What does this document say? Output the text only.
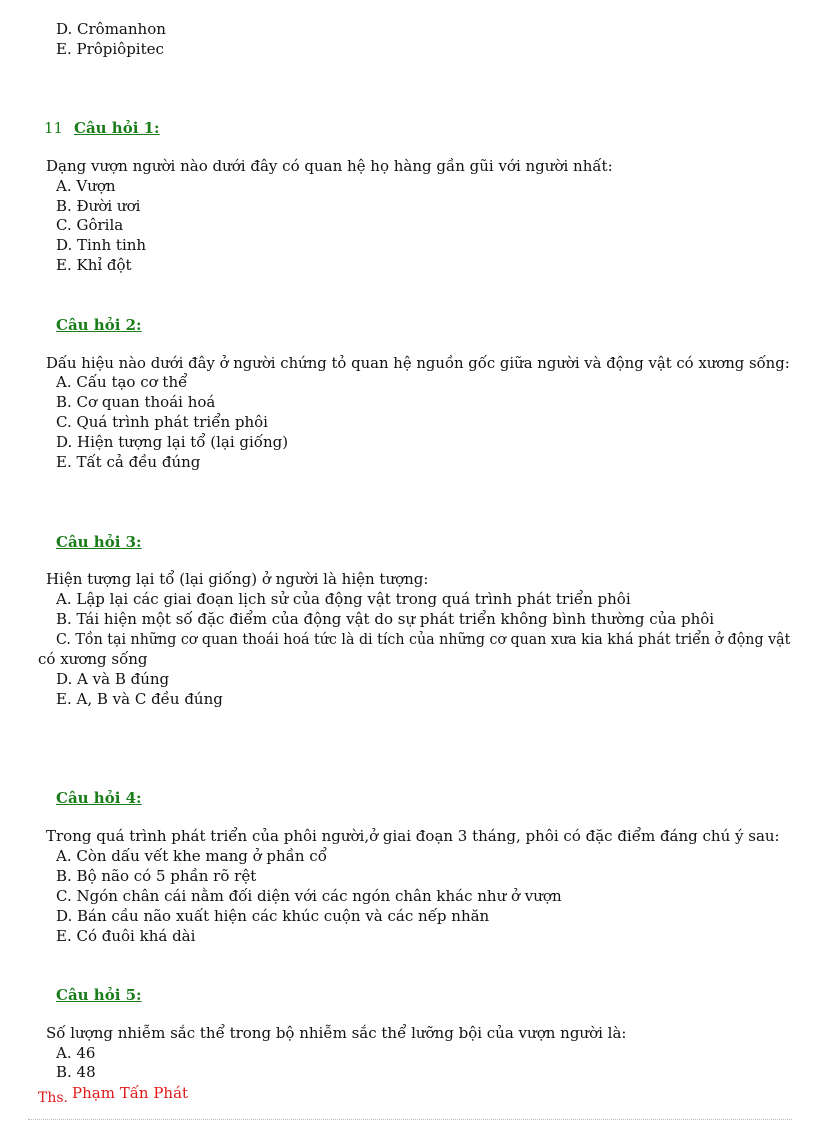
D. Crômanhon
E. Prôpiôpitec
11 Câu hỏi 1:
Dạng vượn người nào dưới đây có quan hệ họ hàng gần gũi với người nhất:
A. Vượn
B. Đười ươi
C. Gôrila
D. Tinh tinh
E. Khỉ đột
Câu hỏi 2:
Dấu hiệu nào dưới đây ở người chứng tỏ quan hệ nguồn gốc giữa người và động vật có xương sống:
A. Cấu tạo cơ thể
B. Cơ quan thoái hoá
C. Quá trình phát triển phôi
D. Hiện tượng lại tổ (lại giống)
E. Tất cả đều đúng
Câu hỏi 3:
Hiện tượng lại tổ (lại giống) ở người là hiện tượng:
A. Lập lại các giai đoạn lịch sử của động vật trong quá trình phát triển phôi
B. Tái hiện một số đặc điểm của động vật do sự phát triển không bình thường của phôi
C. Tồn tại những cơ quan thoái hoá tức là di tích của những cơ quan xưa kia khá phát triển ở động vật
có xương sống
D. A và B đúng
E. A, B và C đều đúng
Câu hỏi 4:
Trong quá trình phát triển của phôi người,ở giai đoạn 3 tháng, phôi có đặc điểm đáng chú ý sau:
A. Còn dấu vết khe mang ở phần cổ
B. Bộ não có 5 phần rõ rệt
C. Ngón chân cái nằm đối diện với các ngón chân khác như ở vượn
D. Bán cầu não xuất hiện các khúc cuộn và các nếp nhăn
E. Có đuôi khá dài
Câu hỏi 5:
Số lượng nhiễm sắc thể trong bộ nhiễm sắc thể lưỡng bội của vượn người là:
A. 46
B. 48
Ths. Phạm Tấn Phát
